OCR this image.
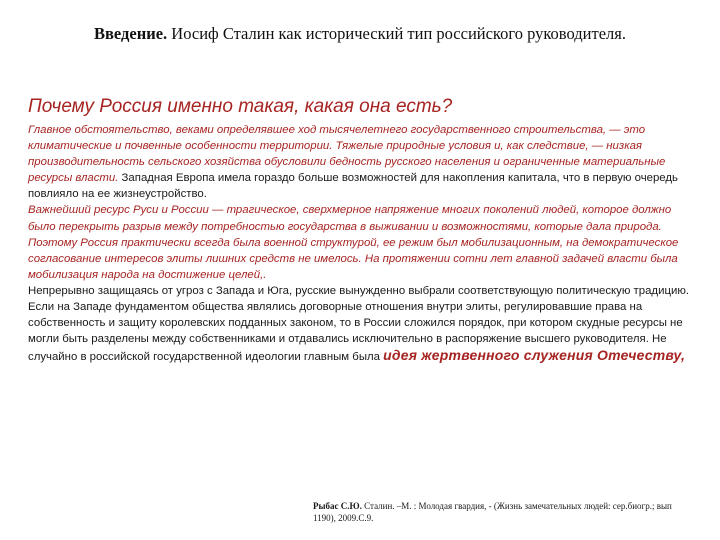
Введение. Иосиф Сталин как исторический тип российского руководителя.
Почему Россия именно такая, какая она есть?
Главное обстоятельство, веками определявшее ход тысячелетнего государственного строительства, — это климатические и почвенные особенности территории. Тяжелые природные условия и, как следствие, — низкая производительность сельского хозяйства обусловили бедность русского населения и ограниченные материальные ресурсы власти. Западная Европа имела гораздо больше возможностей для накопления капитала, что в первую очередь повлияло на ее жизнеустройство.
Важнейший ресурс Руси и России — трагическое, сверхмерное напряжение многих поколений людей, которое должно было перекрыть разрыв между потребностью государства в выживании и возможностями, которые дала природа. Поэтому Россия практически всегда была военной структурой, ее режим был мобилизационным, на демократическое согласование интересов элиты лишних средств не имелось. На протяжении сотни лет главной задачей власти была мобилизация народа на достижение целей,.
Непрерывно защищаясь от угроз с Запада и Юга, русские вынужденно выбрали соответствующую политическую традицию. Если на Западе фундаментом общества являлись договорные отношения внутри элиты, регулировавшие права на собственность и защиту королевских подданных законом, то в России сложился порядок, при котором скудные ресурсы не могли быть разделены между собственниками и отдавались исключительно в распоряжение высшего руководителя. Не случайно в российской государственной идеологии главным была идея жертвенного служения Отечеству,
Рыбас С.Ю. Сталин. –М. : Молодая гвардия, - (Жизнь замечательных людей: сер.биогр.; вып 1190), 2009.С.9.
